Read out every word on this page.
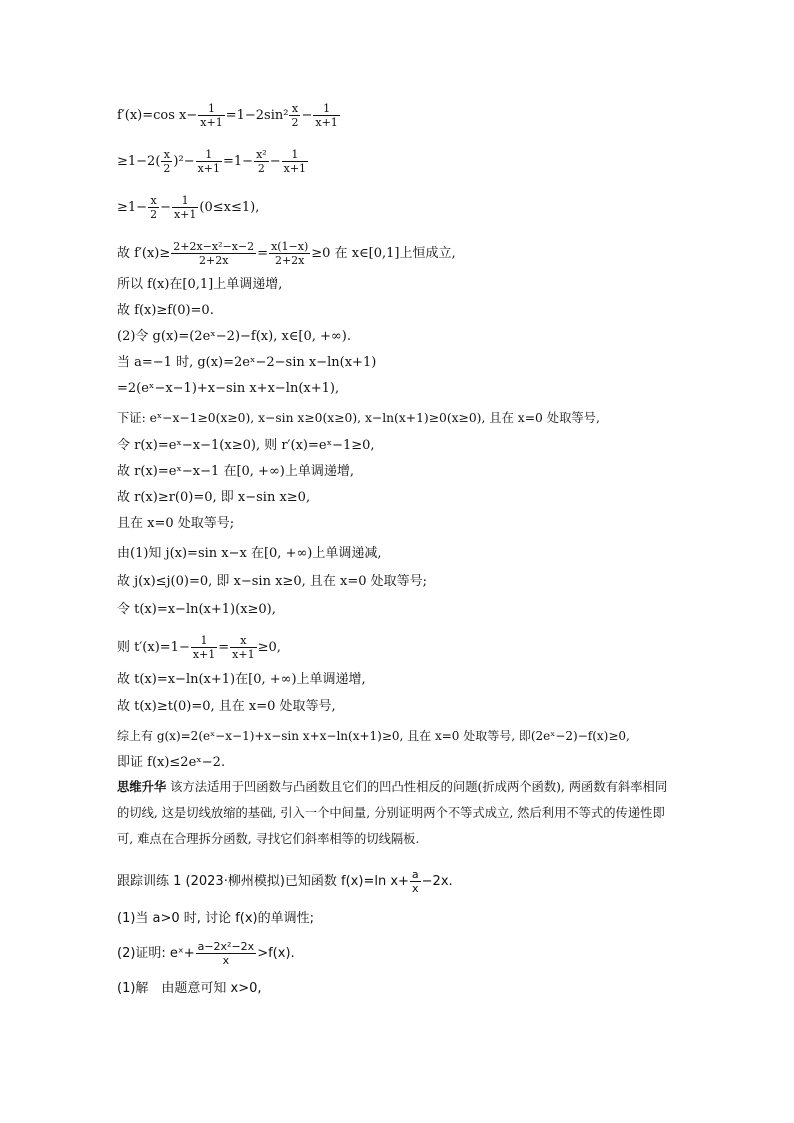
f′(x)=cos $x- \frac{1}{x+1} =1-2\sin^2 \frac{x}{2} - \frac{1}{x+1}$
$\ge 1-2( \frac{x}{2} )^2- \frac{1}{x+1} =1- \frac{\text{x²}}{2} - \frac{1}{x+1}$
$\ge 1- \frac{x}{2} - \frac{1}{x+1} (0\le x\le 1)$,
故 $f'(x)\ge \frac{\text{2+2x−x²−x−2}}{2+2x} = \frac{x(1-x)}{2+2x} \ge 0$ 在 x∈[0,1]上恒成立,
所以 f(x)在[0,1]上单调递增,
故 f(x)≥f(0)=0.
(2)令 g(x)=(2eˣ−2)−f(x), x∈[0, +∞).
当 a=−1 时, g(x)=2eˣ−2−sin x−ln(x+1)
=2(eˣ−x−1)+x−sin x+x−ln(x+1),
下证: eˣ−x−1≥0(x≥0), x−sin x≥0(x≥0), x−ln(x+1)≥0(x≥0), 且在 x=0 处取等号,
令 r(x)=eˣ−x−1(x≥0), 则 r′(x)=eˣ−1≥0,
故 r(x)=eˣ−x−1 在[0, +∞)上单调递增,
故 r(x)≥r(0)=0, 即 x−sin x≥0,
且在 x=0 处取等号;
由(1)知 j(x)=sin x−x 在[0, +∞)上单调递减,
故 j(x)≤j(0)=0, 即 x−sin x≥0, 且在 x=0 处取等号;
令 t(x)=x−ln(x+1)(x≥0),
则 $t'(x)=1- \frac{1}{x+1} = \frac{x}{x+1} \ge 0$,
故 t(x)=x−ln(x+1)在[0, +∞)上单调递增,
故 t(x)≥t(0)=0, 且在 x=0 处取等号,
综上有 g(x)=2(eˣ−x−1)+x−sin x+x−ln(x+1)≥0, 且在 x=0 处取等号, 即(2eˣ−2)−f(x)≥0,
即证 f(x)≤2eˣ−2.
思维升华 该方法适用于凹函数与凸函数且它们的凹凸性相反的问题(折成两个函数), 两函数有斜率相同的切线, 这是切线放缩的基础, 引入一个中间量, 分别证明两个不等式成立, 然后利用不等式的传递性即可, 难点在合理拆分函数, 寻找它们斜率相等的切线隔板.
跟踪训练 1 (2023·柳州模拟)已知函数 f(x)=ln $x+ \frac{a}{x} -2x$.
(1)当 a>0 时, 讨论 f(x)的单调性;
(2)证明: eˣ+ $\frac{\text{a−2x²−2x}}{x} >f(x)$.
(1)解　由题意可知 x>0,
